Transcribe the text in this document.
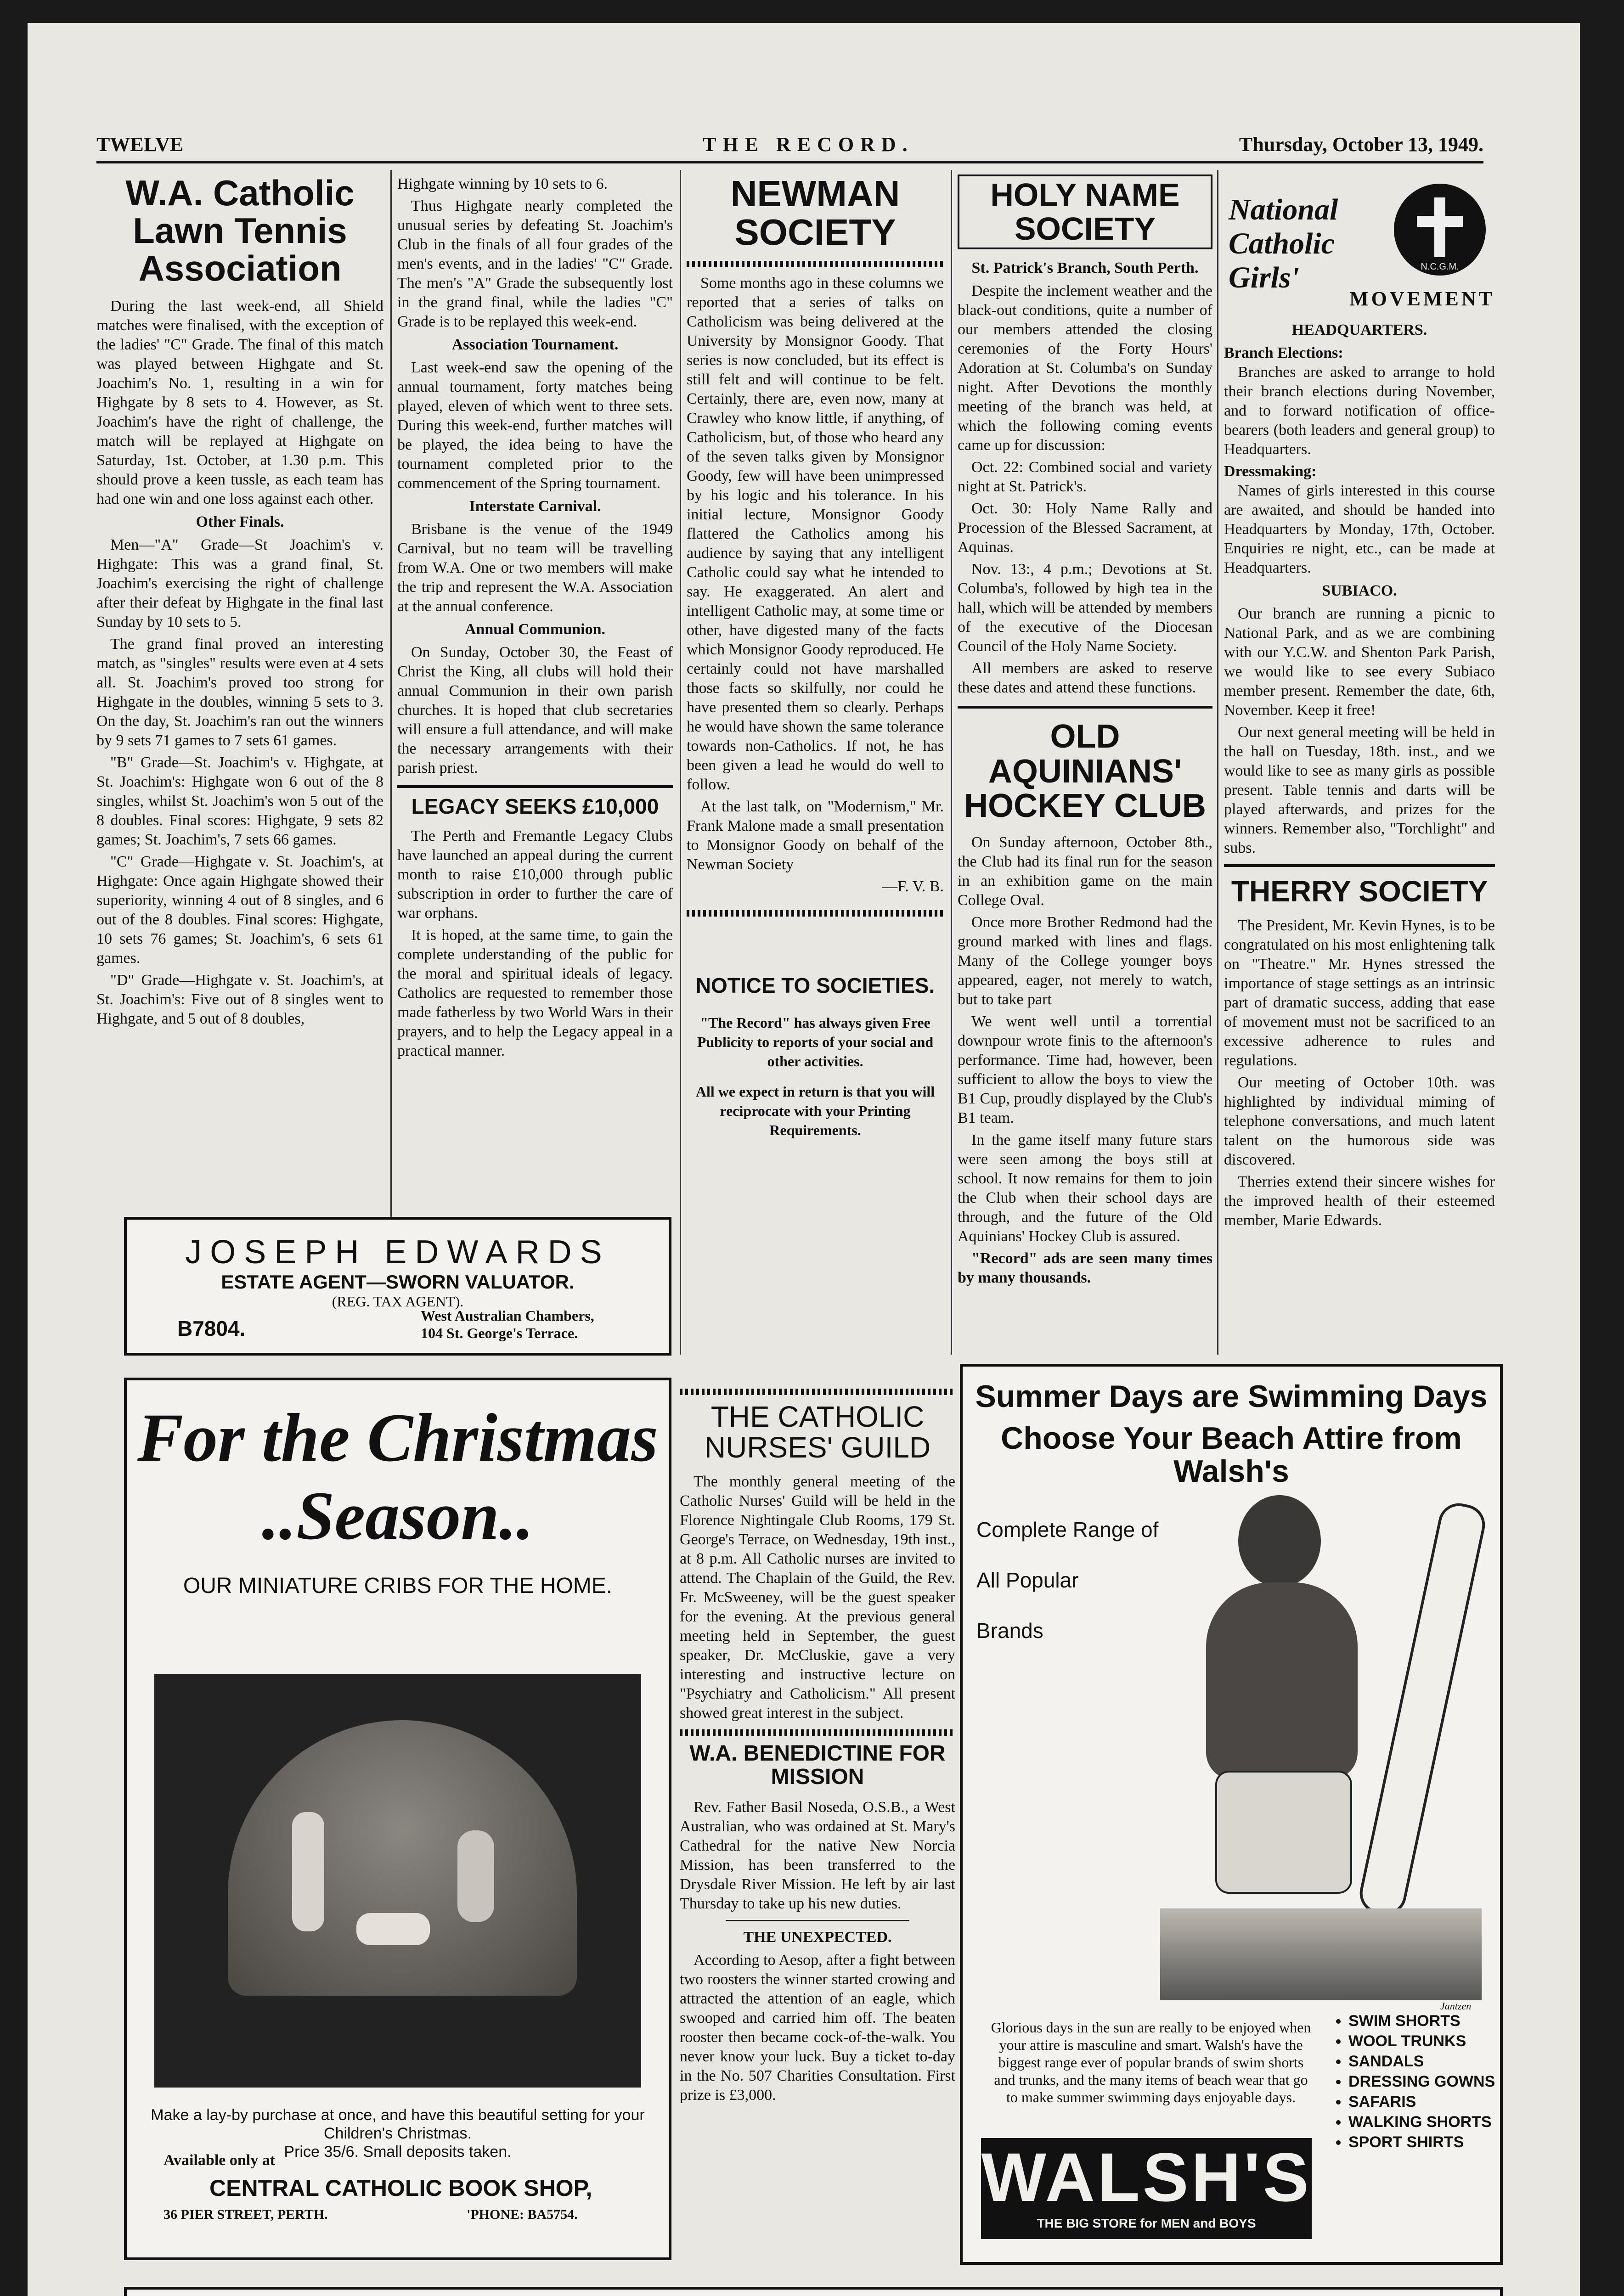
TWELVE	THE RECORD.	Thursday, October 13, 1949.
W.A. Catholic Lawn Tennis Association

During the last week-end, all Shield matches were finalised, with the exception of the ladies' "C" Grade. The final of this match was played between Highgate and St. Joachim's No. 1, resulting in a win for Highgate by 8 sets to 4. However, as St. Joachim's have the right of challenge, the match will be replayed at Highgate on Saturday, 1st. October, at 1.30 p.m. This should prove a keen tussle, as each team has had one win and one loss against each other.

Other Finals.

Men—"A" Grade—St Joachim's v. Highgate: This was a grand final, St. Joachim's exercising the right of challenge after their defeat by Highgate in the final last Sunday by 10 sets to 5.

The grand final proved an interesting match, as "singles" results were even at 4 sets all. St. Joachim's proved too strong for Highgate in the doubles, winning 5 sets to 3. On the day, St. Joachim's ran out the winners by 9 sets 71 games to 7 sets 61 games.

"B" Grade—St. Joachim's v. Highgate, at St. Joachim's: Highgate won 6 out of the 8 singles, whilst St. Joachim's won 5 out of the 8 doubles. Final scores: Highgate, 9 sets 82 games; St. Joachim's, 7 sets 66 games.

"C" Grade—Highgate v. St. Joachim's, at Highgate: Once again Highgate showed their superiority, winning 4 out of 8 singles, and 6 out of the 8 doubles. Final scores: Highgate, 10 sets 76 games; St. Joachim's, 6 sets 61 games.

"D" Grade—Highgate v. St. Joachim's, at St. Joachim's: Five out of 8 singles went to Highgate, and 5 out of 8 doubles,

Highgate winning by 10 sets to 6.

Thus Highgate nearly completed the unusual series by defeating St. Joachim's Club in the finals of all four grades of the men's events, and in the ladies' "C" Grade. The men's "A" Grade the subsequently lost in the grand final, while the ladies "C" Grade is to be replayed this week-end.

Association Tournament.

Last week-end saw the opening of the annual tournament, forty matches being played, eleven of which went to three sets. During this week-end, further matches will be played, the idea being to have the tournament completed prior to the commencement of the Spring tournament.

Interstate Carnival.

Brisbane is the venue of the 1949 Carnival, but no team will be travelling from W.A. One or two members will make the trip and represent the W.A. Association at the annual conference.

Annual Communion.

On Sunday, October 30, the Feast of Christ the King, all clubs will hold their annual Communion in their own parish churches. It is hoped that club secretaries will ensure a full attendance, and will make the necessary arrangements with their parish priest.

LEGACY SEEKS £10,000

The Perth and Fremantle Legacy Clubs have launched an appeal during the current month to raise £10,000 through public subscription in order to further the care of war orphans.

It is hoped, at the same time, to gain the complete understanding of the public for the moral and spiritual ideals of legacy. Catholics are requested to remember those made fatherless by two World Wars in their prayers, and to help the Legacy appeal in a practical manner.

NEWMAN SOCIETY

Some months ago in these columns we reported that a series of talks on Catholicism was being delivered at the University by Monsignor Goody. That series is now concluded, but its effect is still felt and will continue to be felt. Certainly, there are, even now, many at Crawley who know little, if anything, of Catholicism, but, of those who heard any of the seven talks given by Monsignor Goody, few will have been unimpressed by his logic and his tolerance. In his initial lecture, Monsignor Goody flattered the Catholics among his audience by saying that any intelligent Catholic could say what he intended to say. He exaggerated. An alert and intelligent Catholic may, at some time or other, have digested many of the facts which Monsignor Goody reproduced. He certainly could not have marshalled those facts so skilfully, nor could he have presented them so clearly. Perhaps he would have shown the same tolerance towards non-Catholics. If not, he has been given a lead he would do well to follow.

At the last talk, on "Modernism," Mr. Frank Malone made a small presentation to Monsignor Goody on behalf of the Newman Society

—F. V. B.
NOTICE TO SOCIETIES.

"The Record" has always given Free Publicity to reports of your social and other activities.

All we expect in return is that you will reciprocate with your Printing Requirements.

HOLY NAME SOCIETY
St. Patrick's Branch, South Perth.

Despite the inclement weather and the black-out conditions, quite a number of our members attended the closing ceremonies of the Forty Hours' Adoration at St. Columba's on Sunday night. After Devotions the monthly meeting of the branch was held, at which the following coming events came up for discussion:

Oct. 22: Combined social and variety night at St. Patrick's.

Oct. 30: Holy Name Rally and Procession of the Blessed Sacrament, at Aquinas.

Nov. 13:, 4 p.m.; Devotions at St. Columba's, followed by high tea in the hall, which will be attended by members of the executive of the Diocesan Council of the Holy Name Society.

All members are asked to reserve these dates and attend these functions.

OLD AQUINIANS' HOCKEY CLUB

On Sunday afternoon, October 8th., the Club had its final run for the season in an exhibition game on the main College Oval.

Once more Brother Redmond had the ground marked with lines and flags. Many of the College younger boys appeared, eager, not merely to watch, but to take part

We went well until a torrential downpour wrote finis to the afternoon's performance. Time had, however, been sufficient to allow the boys to view the B1 Cup, proudly displayed by the Club's B1 team.

In the game itself many future stars were seen among the boys still at school. It now remains for them to join the Club when their school days are through, and the future of the Old Aquinians' Hockey Club is assured.

"Record" ads are seen many times by many thousands.

National
Catholic
Girls'	N.C.G.M.
MOVEMENT
HEADQUARTERS.
Branch Elections:

Branches are asked to arrange to hold their branch elections during November, and to forward notification of office-bearers (both leaders and general group) to Headquarters.

Dressmaking:

Names of girls interested in this course are awaited, and should be handed into Headquarters by Monday, 17th, October. Enquiries re night, etc., can be made at Headquarters.

SUBIACO.

Our branch are running a picnic to National Park, and as we are combining with our Y.C.W. and Shenton Park Parish, we would like to see every Subiaco member present. Remember the date, 6th, November. Keep it free!

Our next general meeting will be held in the hall on Tuesday, 18th. inst., and we would like to see as many girls as possible present. Table tennis and darts will be played afterwards, and prizes for the winners. Remember also, "Torchlight" and subs.

THERRY SOCIETY

The President, Mr. Kevin Hynes, is to be congratulated on his most enlightening talk on "Theatre." Mr. Hynes stressed the importance of stage settings as an intrinsic part of dramatic success, adding that ease of movement must not be sacrificed to an excessive adherence to rules and regulations.

Our meeting of October 10th. was highlighted by individual miming of telephone conversations, and much latent talent on the humorous side was discovered.

Therries extend their sincere wishes for the improved health of their esteemed member, Marie Edwards.

JOSEPH EDWARDS
ESTATE AGENT—SWORN VALUATOR.
(REG. TAX AGENT).
B7804.
West Australian Chambers,
104 St. George's Terrace.
For the Christmas
..Season..
OUR MINIATURE CRIBS FOR THE HOME.
Make a lay-by purchase at once, and have this beautiful setting for your Children's Christmas.
Price 35/6. Small deposits taken.
Available only at
CENTRAL CATHOLIC BOOK SHOP,
36 PIER STREET, PERTH.	'PHONE: BA5754.
THE CATHOLIC NURSES' GUILD

The monthly general meeting of the Catholic Nurses' Guild will be held in the Florence Nightingale Club Rooms, 179 St. George's Terrace, on Wednesday, 19th inst., at 8 p.m. All Catholic nurses are invited to attend. The Chaplain of the Guild, the Rev. Fr. McSweeney, will be the guest speaker for the evening. At the previous general meeting held in September, the guest speaker, Dr. McCluskie, gave a very interesting and instructive lecture on "Psychiatry and Catholicism." All present showed great interest in the subject.

W.A. BENEDICTINE FOR MISSION

Rev. Father Basil Noseda, O.S.B., a West Australian, who was ordained at St. Mary's Cathedral for the native New Norcia Mission, has been transferred to the Drysdale River Mission. He left by air last Thursday to take up his new duties.

THE UNEXPECTED.

According to Aesop, after a fight between two roosters the winner started crowing and attracted the attention of an eagle, which swooped and carried him off. The beaten rooster then became cock-of-the-walk. You never know your luck. Buy a ticket to-day in the No. 507 Charities Consultation. First prize is £3,000.

Summer Days are Swimming Days
Choose Your Beach Attire from Walsh's
Complete Range of
All Popular
Brands
Jantzen
Glorious days in the sun are really to be enjoyed when your attire is masculine and smart. Walsh's have the biggest range ever of popular brands of swim shorts and trunks, and the many items of beach wear that go to make summer swimming days enjoyable days.
• SWIM SHORTS
• WOOL TRUNKS
• SANDALS
• DRESSING GOWNS
• SAFARIS
• WALKING SHORTS
• SPORT SHIRTS
WALSH'S
THE BIG STORE for MEN and BOYS
